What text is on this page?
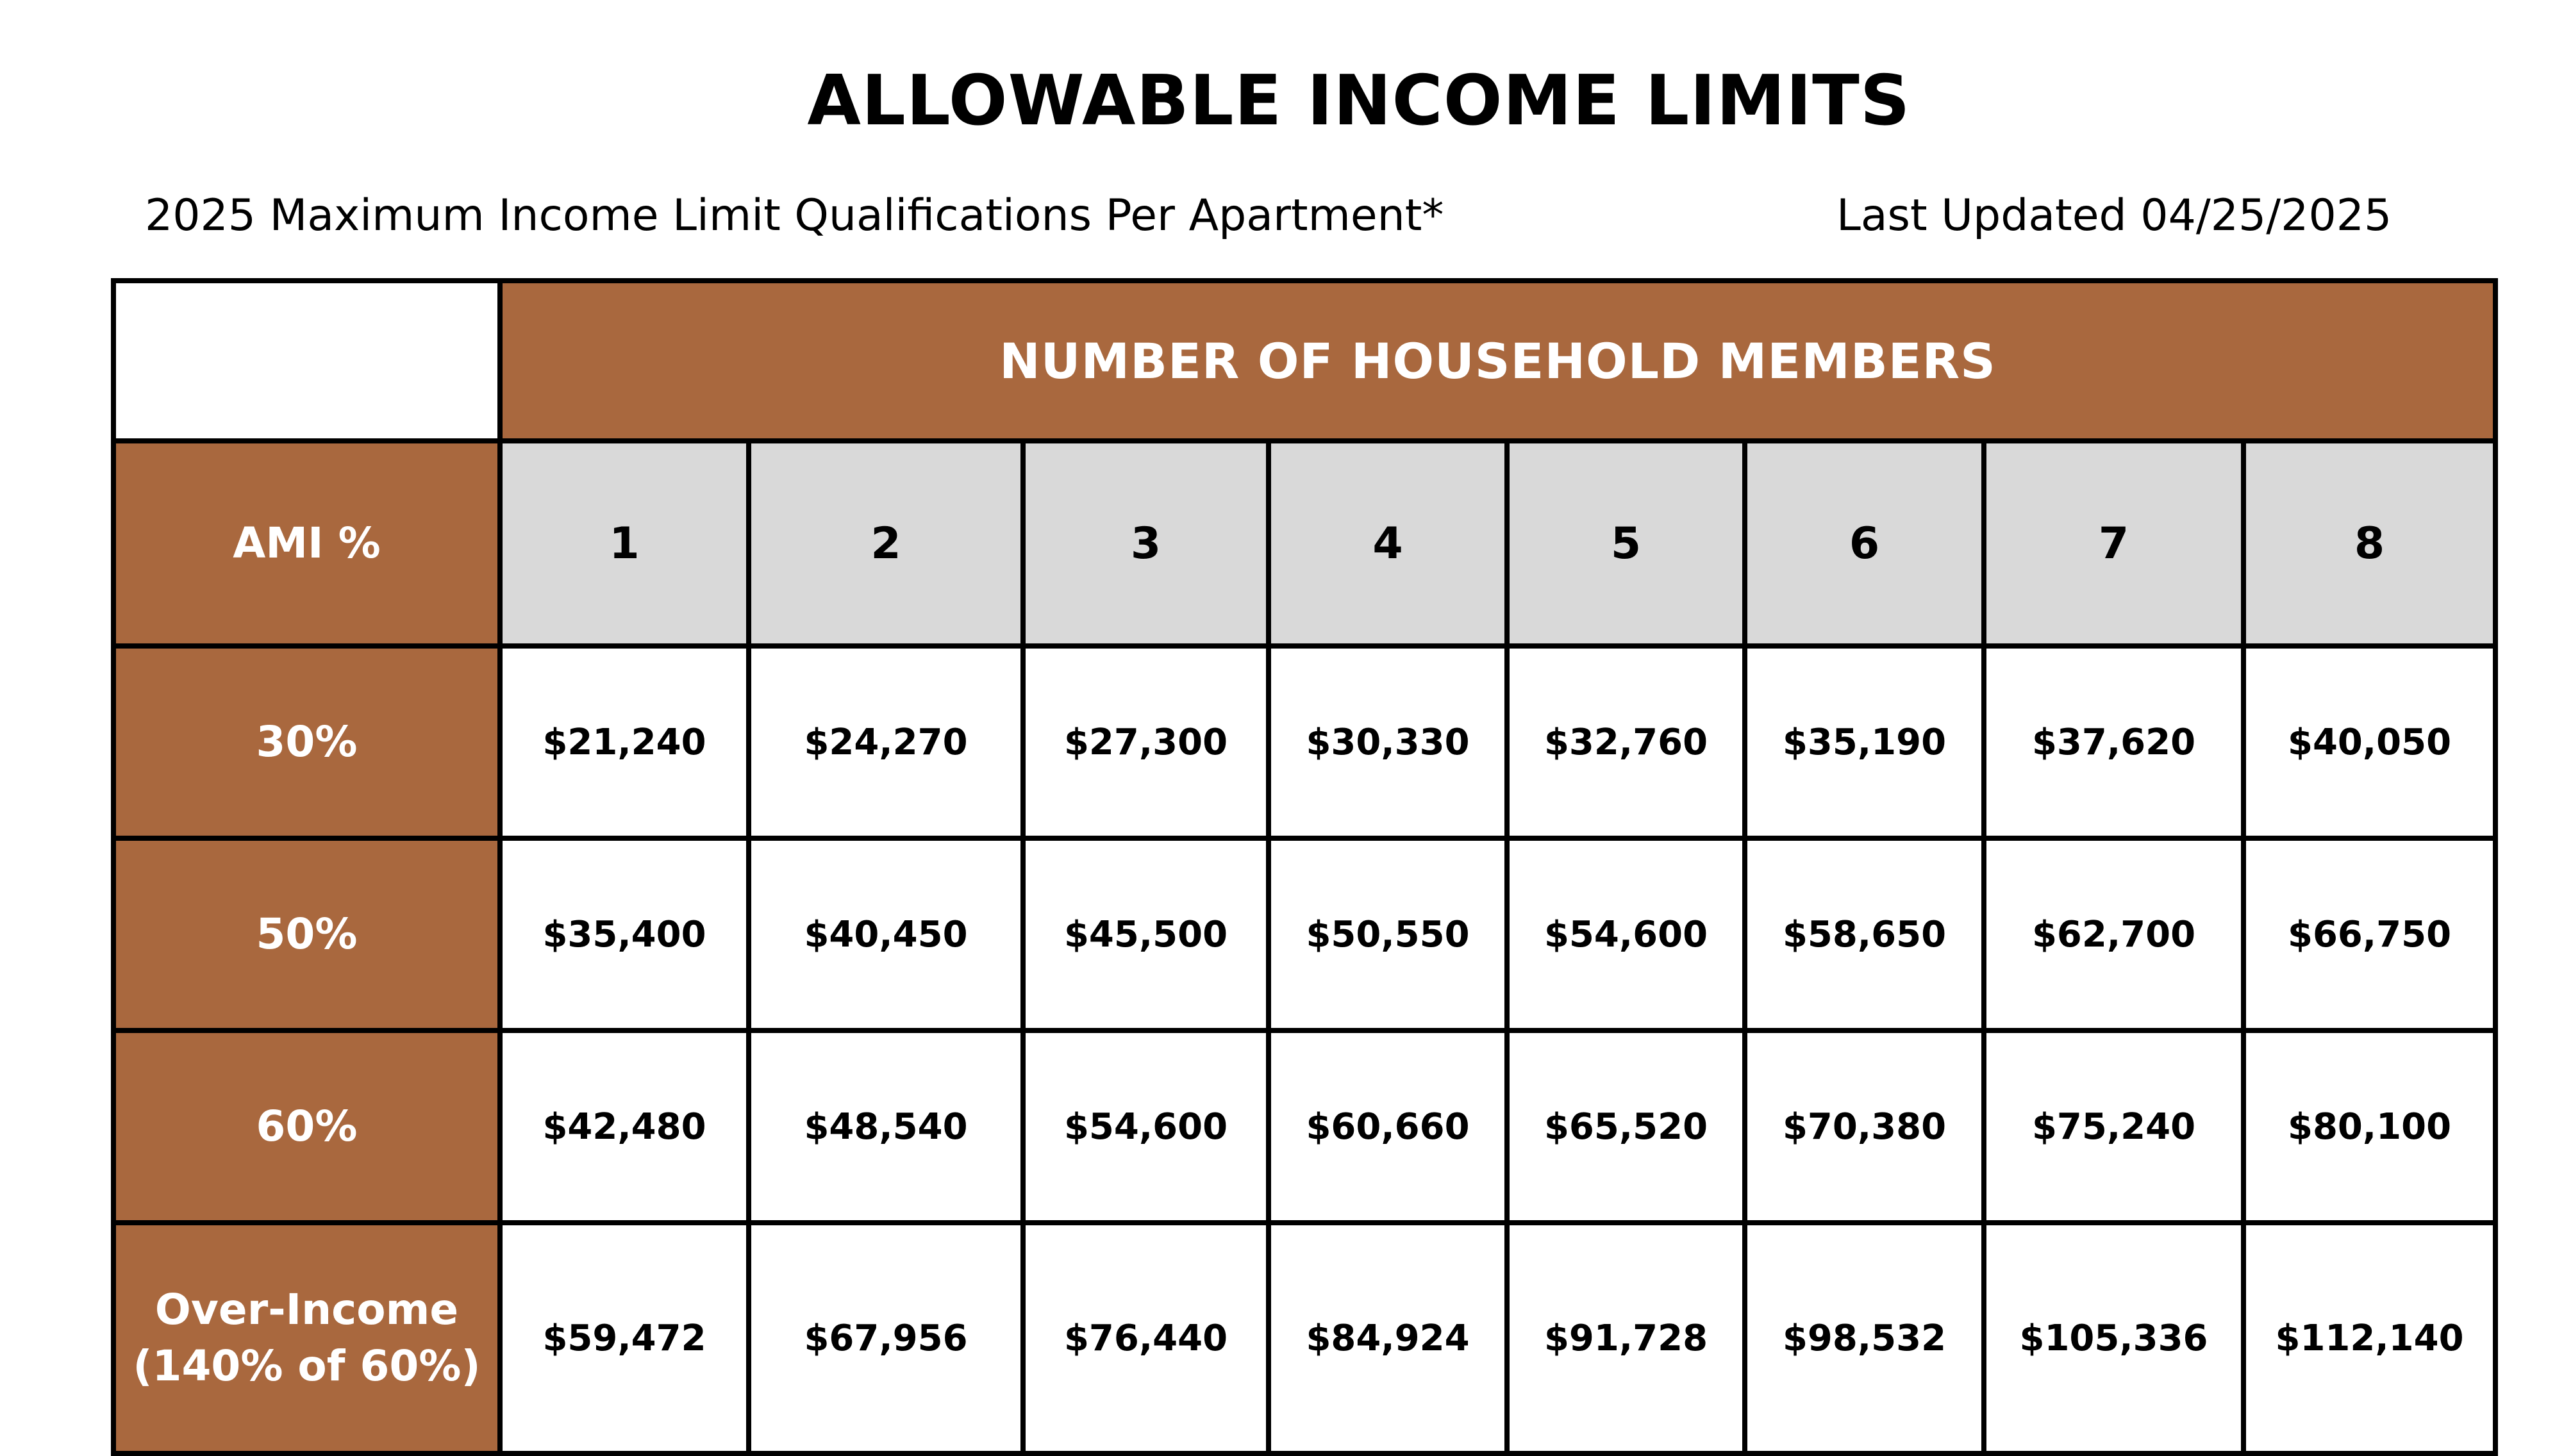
ALLOWABLE INCOME LIMITS
2025 Maximum Income Limit Qualifications Per Apartment*	Last Updated 04/25/2025
	NUMBER OF HOUSEHOLD MEMBERS							
AMI %	1	2	3	4	5	6	7	8
30%	$21,240	$24,270	$27,300	$30,330	$32,760	$35,190	$37,620	$40,050
50%	$35,400	$40,450	$45,500	$50,550	$54,600	$58,650	$62,700	$66,750
60%	$42,480	$48,540	$54,600	$60,660	$65,520	$70,380	$75,240	$80,100
Over-Income
(140% of 60%)	$59,472	$67,956	$76,440	$84,924	$91,728	$98,532	$105,336	$112,140
